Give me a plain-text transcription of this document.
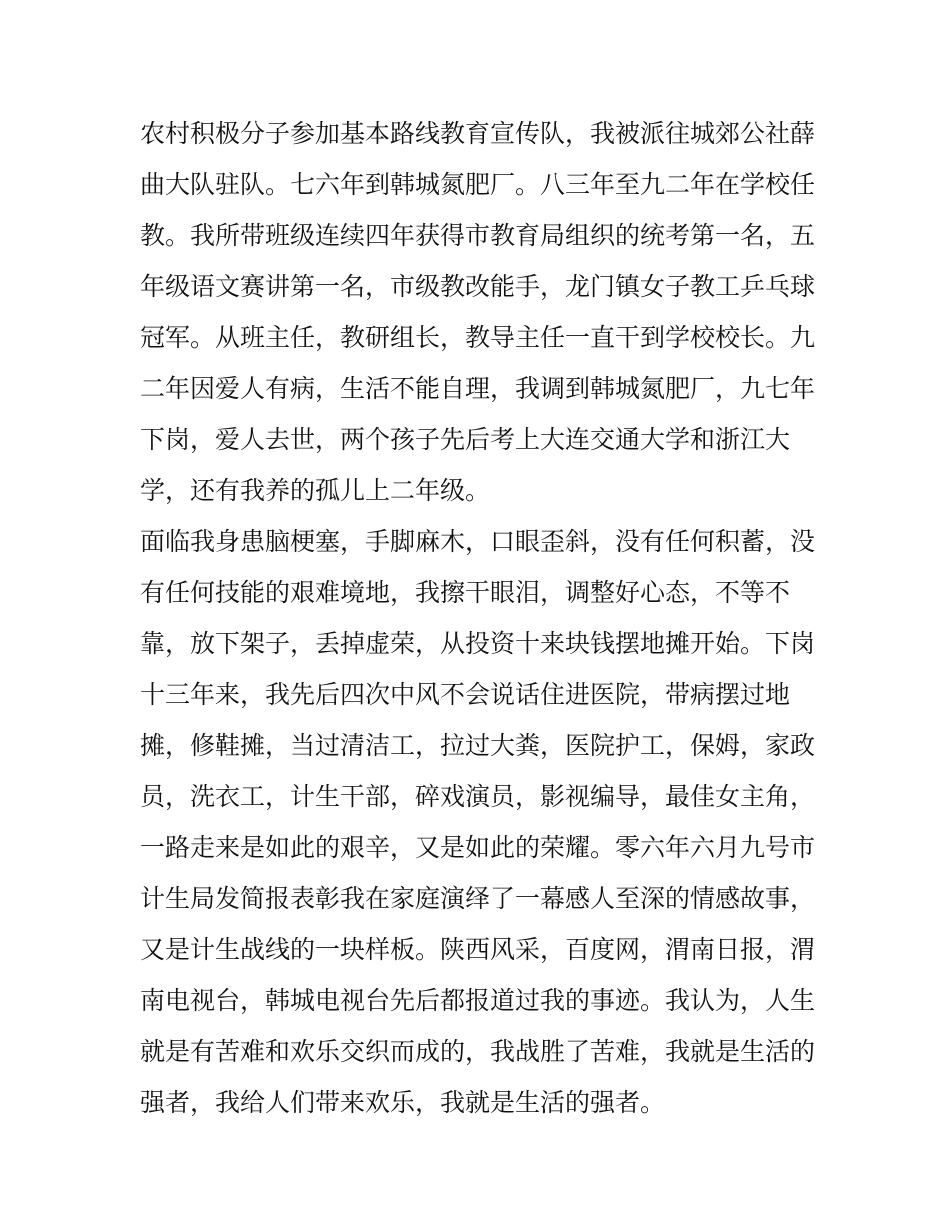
农村积极分子参加基本路线教育宣传队，我被派往城郊公社薛
曲大队驻队。七六年到韩城氮肥厂。八三年至九二年在学校任
教。我所带班级连续四年获得市教育局组织的统考第一名，五
年级语文赛讲第一名，市级教改能手，龙门镇女子教工乒乓球
冠军。从班主任，教研组长，教导主任一直干到学校校长。九
二年因爱人有病，生活不能自理，我调到韩城氮肥厂，九七年
下岗，爱人去世，两个孩子先后考上大连交通大学和浙江大
学，还有我养的孤儿上二年级。
面临我身患脑梗塞，手脚麻木，口眼歪斜，没有任何积蓄，没
有任何技能的艰难境地，我擦干眼泪，调整好心态，不等不
靠，放下架子，丢掉虚荣，从投资十来块钱摆地摊开始。下岗
十三年来，我先后四次中风不会说话住进医院，带病摆过地
摊，修鞋摊，当过清洁工，拉过大粪，医院护工，保姆，家政
员，洗衣工，计生干部，碎戏演员，影视编导，最佳女主角，
一路走来是如此的艰辛，又是如此的荣耀。零六年六月九号市
计生局发简报表彰我在家庭演绎了一幕感人至深的情感故事，
又是计生战线的一块样板。陕西风采，百度网，渭南日报，渭
南电视台，韩城电视台先后都报道过我的事迹。我认为，人生
就是有苦难和欢乐交织而成的，我战胜了苦难，我就是生活的
强者，我给人们带来欢乐，我就是生活的强者。
